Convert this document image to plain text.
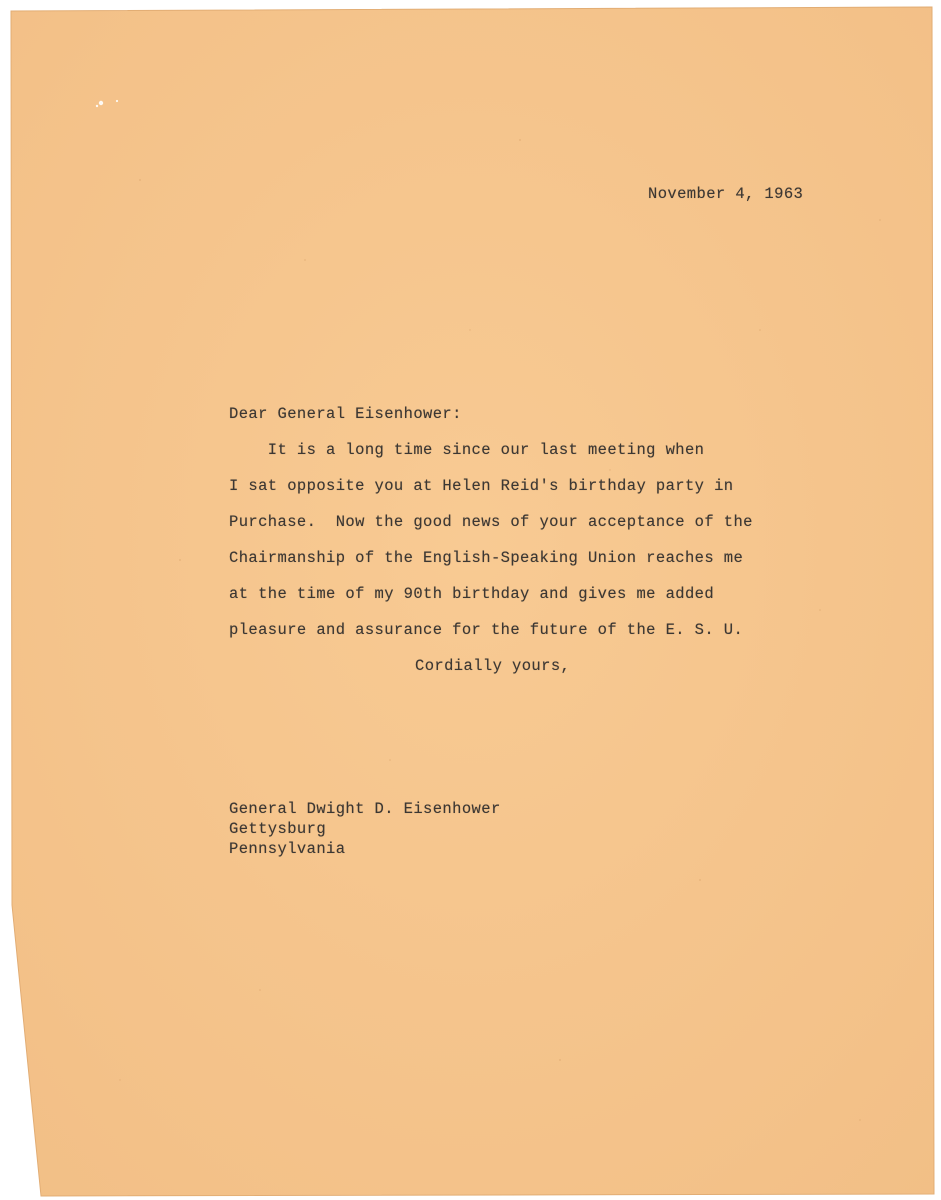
November 4, 1963
Dear General Eisenhower:
It is a long time since our last meeting when
I sat opposite you at Helen Reid's birthday party in
Purchase.  Now the good news of your acceptance of the
Chairmanship of the English-Speaking Union reaches me
at the time of my 90th birthday and gives me added
pleasure and assurance for the future of the E. S. U.
Cordially yours,
General Dwight D. Eisenhower
Gettysburg
Pennsylvania
